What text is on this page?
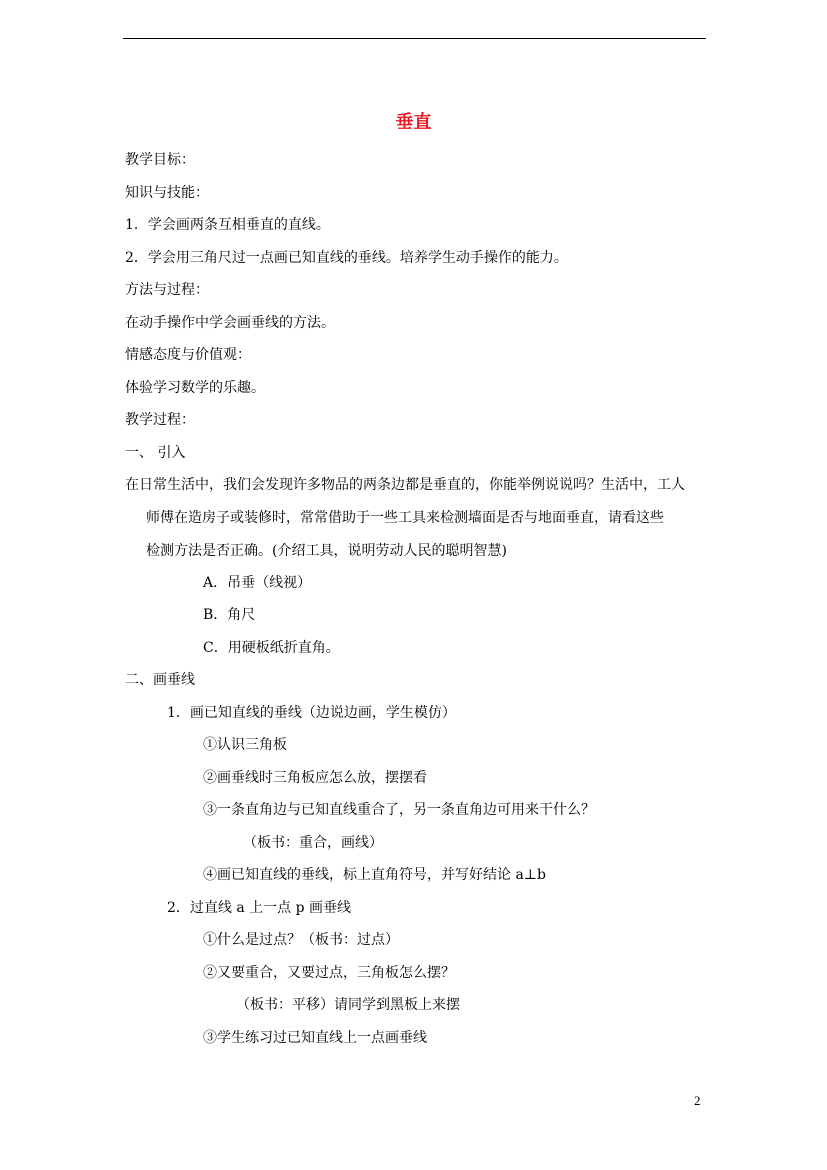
垂直
教学目标：
知识与技能：
1．学会画两条互相垂直的直线。
2．学会用三角尺过一点画已知直线的垂线。培养学生动手操作的能力。
方法与过程：
在动手操作中学会画垂线的方法。
情感态度与价值观：
体验学习数学的乐趣。
教学过程：
一、 引入
在日常生活中，我们会发现许多物品的两条边都是垂直的，你能举例说说吗？生活中，工人
师傅在造房子或装修时，常常借助于一些工具来检测墙面是否与地面垂直，请看这些
检测方法是否正确。(介绍工具，说明劳动人民的聪明智慧)
A．吊垂（线视）
B．角尺
C．用硬板纸折直角。
二、画垂线
1．画已知直线的垂线（边说边画，学生模仿）
①认识三角板
②画垂线时三角板应怎么放，摆摆看
③一条直角边与已知直线重合了，另一条直角边可用来干什么？
（板书：重合，画线）
④画已知直线的垂线，标上直角符号，并写好结论 a⊥b
2．过直线 a 上一点 p 画垂线
①什么是过点？（板书：过点）
②又要重合，又要过点，三角板怎么摆？
（板书：平移）请同学到黑板上来摆
③学生练习过已知直线上一点画垂线
2
